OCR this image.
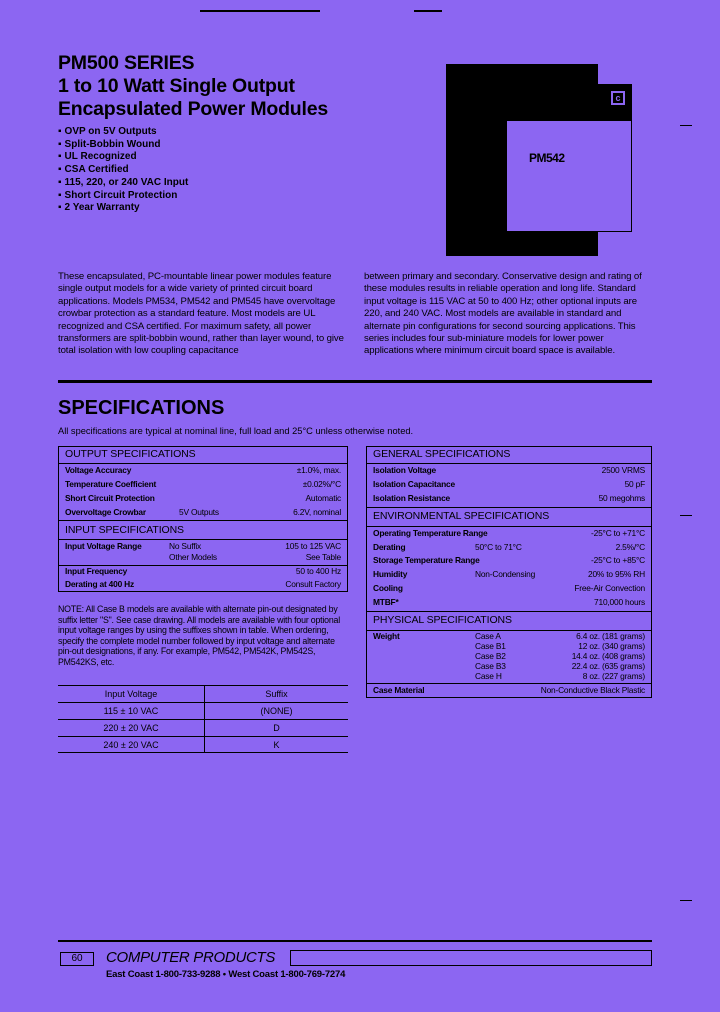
PM500 SERIES
1 to 10 Watt Single Output
Encapsulated Power Modules
▪ OVP on 5V Outputs
▪ Split-Bobbin Wound
▪ UL Recognized
▪ CSA Certified
▪ 115, 220, or 240 VAC Input
▪ Short Circuit Protection
▪ 2 Year Warranty
c
PM542
These encapsulated, PC-mountable linear power modules feature single output models for a wide variety of printed circuit board applications. Models PM534, PM542 and PM545 have overvoltage crowbar protection as a standard feature. Most models are UL recognized and CSA certified. For maximum safety, all power transformers are split-bobbin wound, rather than layer wound, to give total isolation with low coupling capacitance
between primary and secondary. Conservative design and rating of these modules results in reliable operation and long life. Standard input voltage is 115 VAC at 50 to 400 Hz; other optional inputs are 220, and 240 VAC. Most models are available in standard and alternate pin configurations for second sourcing applications. This series includes four sub-miniature models for lower power applications where minimum circuit board space is available.
SPECIFICATIONS
All specifications are typical at nominal line, full load and 25°C unless otherwise noted.
OUTPUT SPECIFICATIONS
Voltage Accuracy	±1.0%, max.
Temperature Coefficient	±0.02%/°C
Short Circuit Protection	Automatic
Overvoltage Crowbar	5V Outputs	6.2V, nominal
INPUT SPECIFICATIONS
Input Voltage Range	No Suffix	105 to 125 VAC
Other Models	See Table
Input Frequency	50 to 400 Hz
Derating at 400 Hz	Consult Factory
GENERAL SPECIFICATIONS
Isolation Voltage	2500 VRMS
Isolation Capacitance	50 pF
Isolation Resistance	50 megohms
ENVIRONMENTAL SPECIFICATIONS
Operating Temperature Range	-25°C to +71°C
Derating	50°C to 71°C	2.5%/°C
Storage Temperature Range	-25°C to +85°C
Humidity	Non-Condensing	20% to 95% RH
Cooling	Free-Air Convection
MTBF*	710,000 hours
PHYSICAL SPECIFICATIONS
Weight	Case A	6.4 oz. (181 grams)
Case B1	12 oz. (340 grams)
Case B2	14.4 oz. (408 grams)
Case B3	22.4 oz. (635 grams)
Case H	8 oz. (227 grams)
Case Material	Non-Conductive Black Plastic
NOTE: All Case B models are available with alternate pin-out designated by suffix letter "S". See case drawing. All models are available with four optional input voltage ranges by using the suffixes shown in table. When ordering, specify the complete model number followed by input voltage and alternate pin-out designations, if any. For example, PM542, PM542K, PM542S, PM542KS, etc.
Input Voltage	Suffix
115 ± 10 VAC	(NONE)
220 ± 20 VAC	D
240 ± 20 VAC	K
60	COMPUTER PRODUCTS
East Coast 1-800-733-9288 • West Coast 1-800-769-7274
